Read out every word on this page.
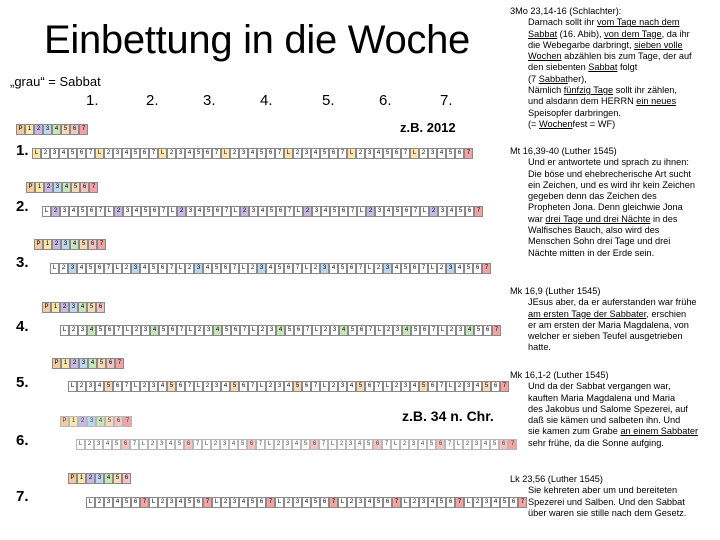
Einbettung in die Woche
„grau“ = Sabbat
1.	2.	3.	4.	5.	6.	7.
z.B. 2012
z.B. 34 n. Chr.
1.
P 1 2 3 4 5 6 7
L 2 3 4 5 6 7 L 2 3 4 5 6 7 L 2 3 4 5 6 7 L 2 3 4 5 6 7 L 2 3 4 5 6 7 L 2 3 4 5 6 7 L 2 3 4 5 6 7
2.
P 1 2 3 4 5 6 7
L 2 3 4 5 6 7 L 2 3 4 5 6 7 L 2 3 4 5 6 7 L 2 3 4 5 6 7 L 2 3 4 5 6 7 L 2 3 4 5 6 7 L 2 3 4 5 6 7
3.
P 1 2 3 4 5 6 7
L 2 3 4 5 6 7 L 2 3 4 5 6 7 L 2 3 4 5 6 7 L 2 3 4 5 6 7 L 2 3 4 5 6 7 L 2 3 4 5 6 7 L 2 3 4 5 6 7
4.
P 1 2 3 4 5 6
L 2 3 4 5 6 7 L 2 3 4 5 6 7 L 2 3 4 5 6 7 L 2 3 4 5 6 7 L 2 3 4 5 6 7 L 2 3 4 5 6 7 L 2 3 4 5 6 7
5.
P 1 2 3 4 5 6 7
L 2 3 4 5 6 7 L 2 3 4 5 6 7 L 2 3 4 5 6 7 L 2 3 4 5 6 7 L 2 3 4 5 6 7 L 2 3 4 5 6 7 L 2 3 4 5 6 7
6.
P 1 2 3 4 5 6 7
L 2 3 4 5 6 7 L 2 3 4 5 6 7 L 2 3 4 5 6 7 L 2 3 4 5 6 7 L 2 3 4 5 6 7 L 2 3 4 5 6 7 L 2 3 4 5 6 7
7.
P 1 2 3 4 5 6
L 2 3 4 5 6 7 L 2 3 4 5 6 7 L 2 3 4 5 6 7 L 2 3 4 5 6 7 L 2 3 4 5 6 7 L 2 3 4 5 6 7 L 2 3 4 5 6 7
3Mo 23,14-16 (Schlachter):
Darnach sollt ihr vom Tage nach dem
Sabbat (16. Abib), von dem Tage, da ihr
die Webegarbe darbringt, sieben volle
Wochen abzählen bis zum Tage, der auf
den siebenten Sabbat folgt
(7 Sabbather),
Nämlich fünfzig Tage sollt ihr zählen,
und alsdann dem HERRN ein neues
Speisopfer darbringen.
(= Wochenfest = WF)
Mt 16,39-40 (Luther 1545)
Und er antwortete und sprach zu ihnen:
Die böse und ehebrecherische Art sucht
ein Zeichen, und es wird ihr kein Zeichen
gegeben denn das Zeichen des
Propheten Jona. Denn gleichwie Jona
war drei Tage und drei Nächte in des
Walfisches Bauch, also wird des
Menschen Sohn drei Tage und drei
Nächte mitten in der Erde sein.
Mk 16,9 (Luther 1545)
JEsus aber, da er auferstanden war frühe
am ersten Tage der Sabbater, erschien
er am ersten der Maria Magdalena, von
welcher er sieben Teufel ausgetrieben
hatte.
Mk 16,1-2 (Luther 1545)
Und da der Sabbat vergangen war,
kauften Maria Magdalena und Maria
des Jakobus und Salome Spezerei, auf
daß sie kämen und salbeten ihn. Und
sie kamen zum Grabe an einem Sabbater
sehr frühe, da die Sonne aufging.
Lk 23,56 (Luther 1545)
Sie kehreten aber um und bereiteten
Spezerei und Salben. Und den Sabbat
über waren sie stille nach dem Gesetz.
